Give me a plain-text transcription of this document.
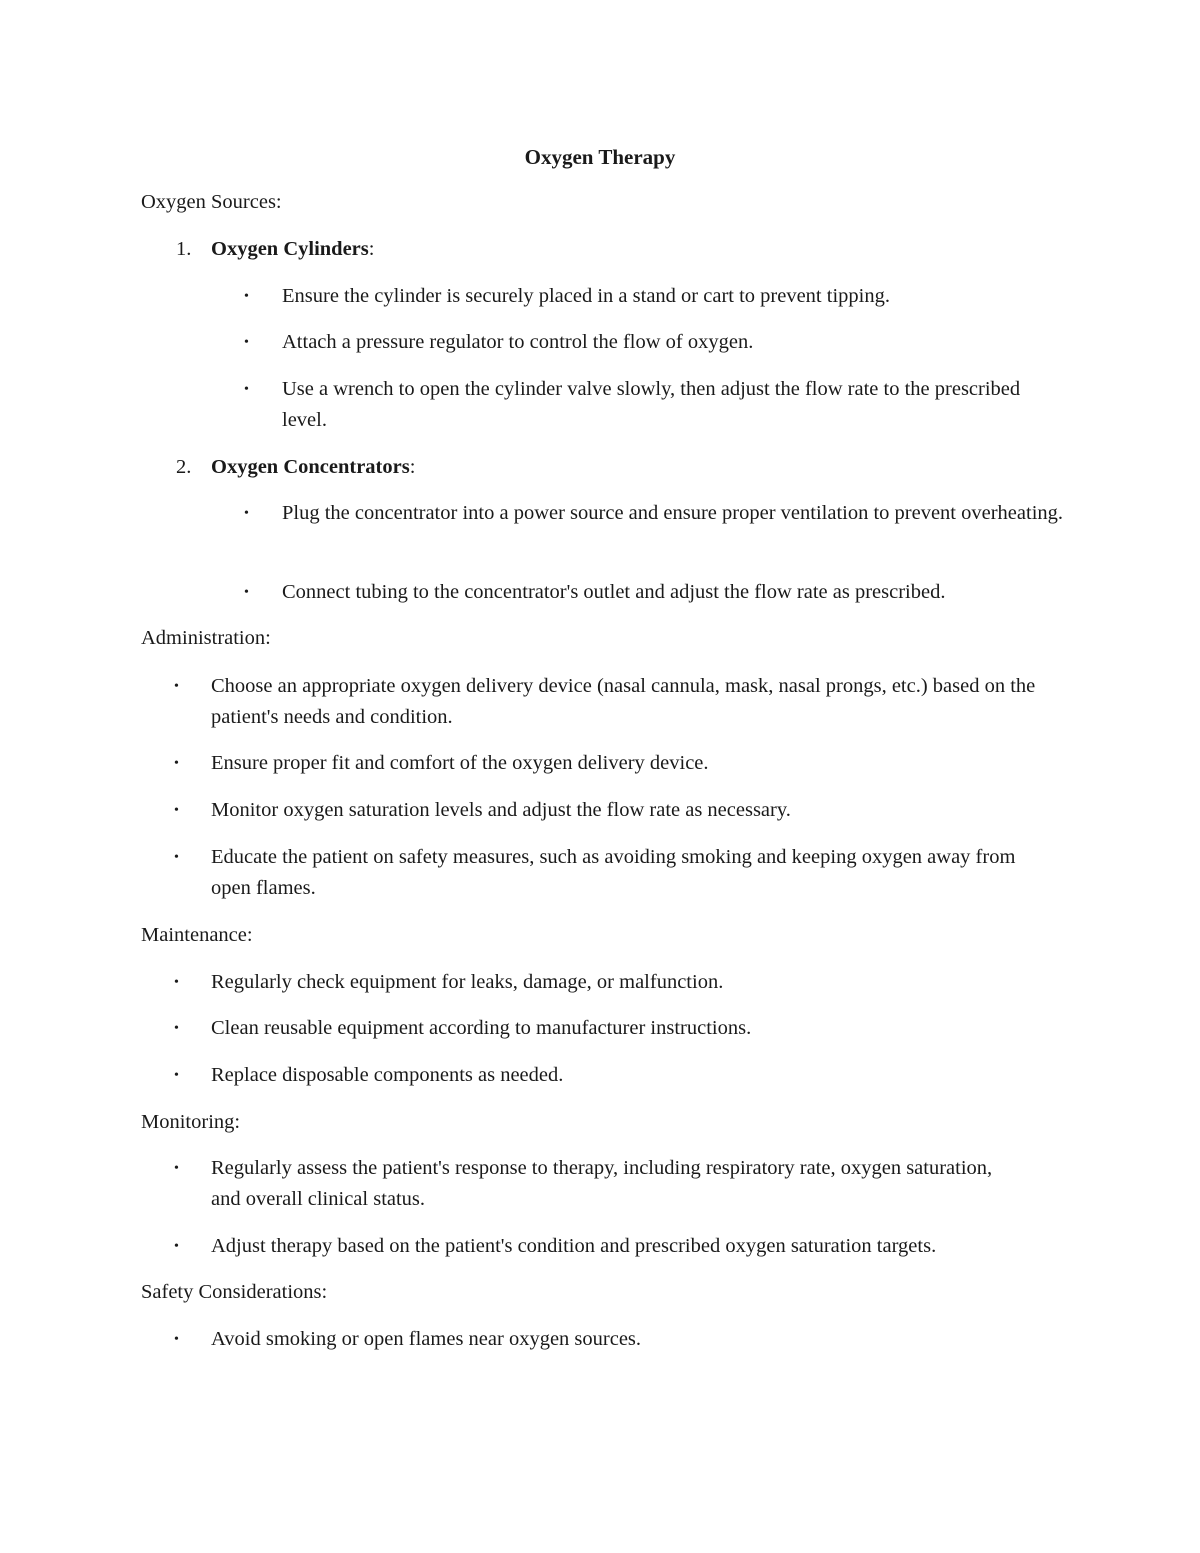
Oxygen Therapy
Oxygen Sources:
1. Oxygen Cylinders:
• Ensure the cylinder is securely placed in a stand or cart to prevent tipping.
• Attach a pressure regulator to control the flow of oxygen.
• Use a wrench to open the cylinder valve slowly, then adjust the flow rate to the prescribed level.
2. Oxygen Concentrators:
• Plug the concentrator into a power source and ensure proper ventilation to prevent overheating.
• Connect tubing to the concentrator's outlet and adjust the flow rate as prescribed.
Administration:
• Choose an appropriate oxygen delivery device (nasal cannula, mask, nasal prongs, etc.) based on the patient's needs and condition.
• Ensure proper fit and comfort of the oxygen delivery device.
• Monitor oxygen saturation levels and adjust the flow rate as necessary.
• Educate the patient on safety measures, such as avoiding smoking and keeping oxygen away from open flames.
Maintenance:
• Regularly check equipment for leaks, damage, or malfunction.
• Clean reusable equipment according to manufacturer instructions.
• Replace disposable components as needed.
Monitoring:
• Regularly assess the patient's response to therapy, including respiratory rate, oxygen saturation, and overall clinical status.
• Adjust therapy based on the patient's condition and prescribed oxygen saturation targets.
Safety Considerations:
• Avoid smoking or open flames near oxygen sources.
